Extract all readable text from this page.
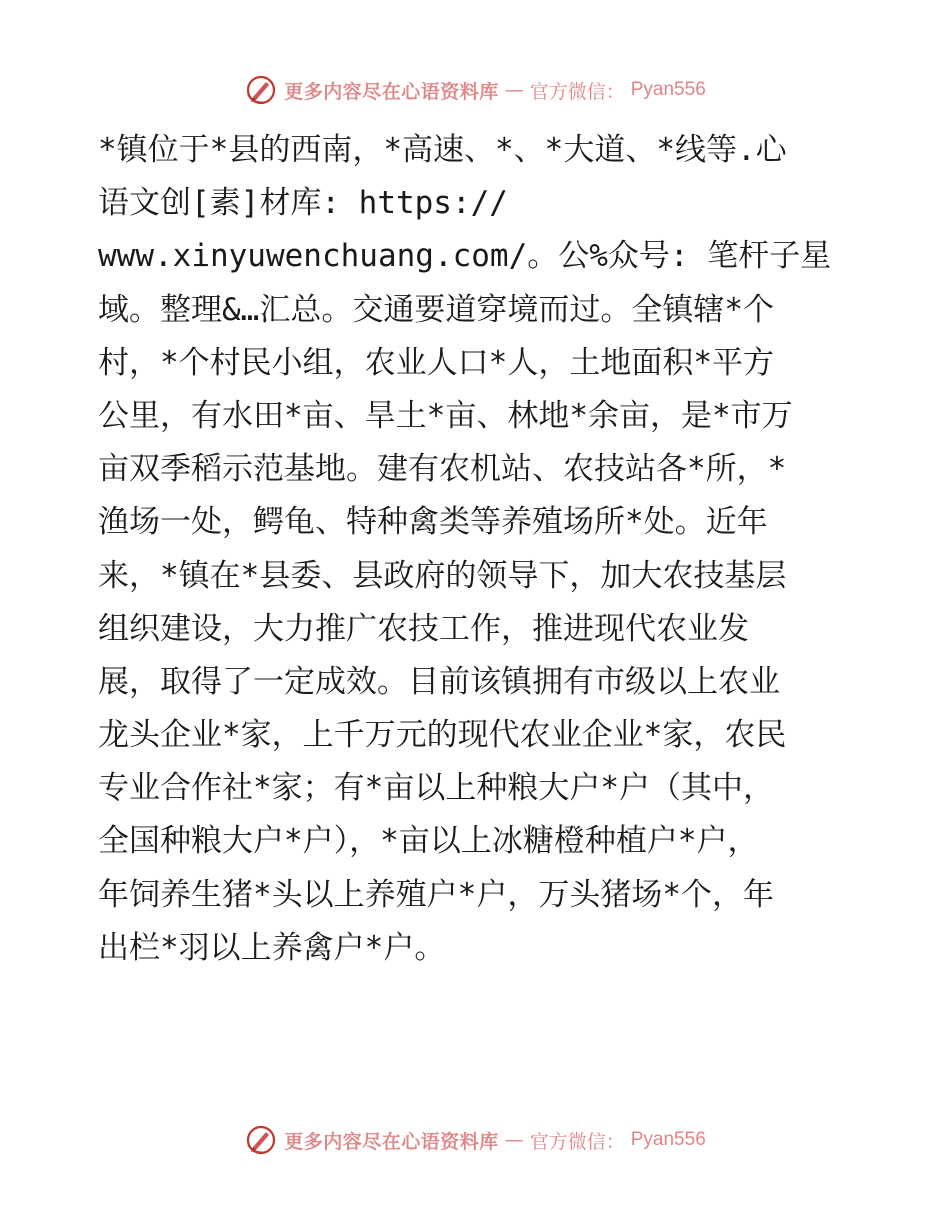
更多内容尽在心语资料库 — 官方微信： Pyan556
*镇位于*县的西南，*高速、*、*大道、*线等.心
语文创[素]材库: https://
www.xinyuwenchuang.com/。公%众号: 笔杆子星
域。整理&…汇总。交通要道穿境而过。全镇辖*个
村，*个村民小组，农业人口*人，土地面积*平方
公里，有水田*亩、旱土*亩、林地*余亩，是*市万
亩双季稻示范基地。建有农机站、农技站各*所，*
渔场一处，鳄龟、特种禽类等养殖场所*处。近年
来，*镇在*县委、县政府的领导下，加大农技基层
组织建设，大力推广农技工作，推进现代农业发
展，取得了一定成效。目前该镇拥有市级以上农业
龙头企业*家，上千万元的现代农业企业*家，农民
专业合作社*家；有*亩以上种粮大户*户（其中，
全国种粮大户*户），*亩以上冰糖橙种植户*户，
年饲养生猪*头以上养殖户*户，万头猪场*个，年
出栏*羽以上养禽户*户。
更多内容尽在心语资料库 — 官方微信： Pyan556
